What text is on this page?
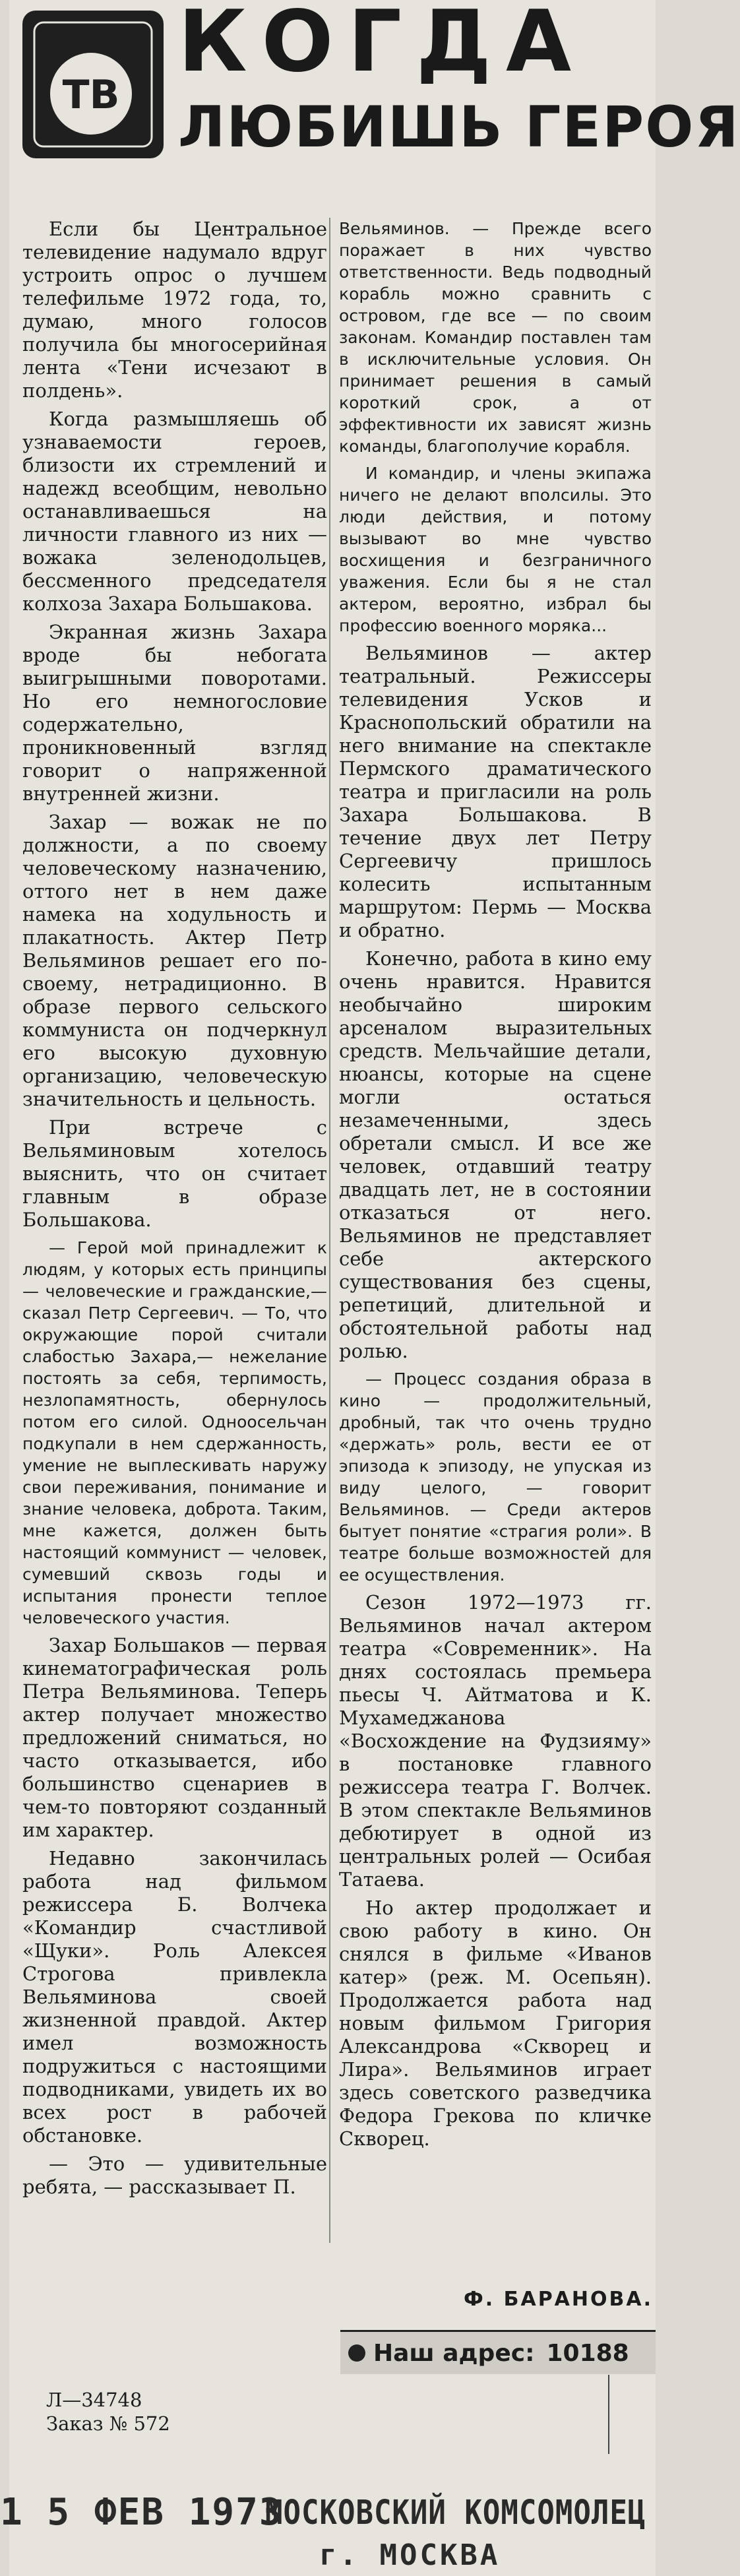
ТВ
КОГДА
ЛЮБИШЬ ГЕРОЯ

Если бы Центральное телевидение надумало вдруг устроить опрос о лучшем телефильме 1972 года, то, думаю, много голосов получила бы многосерийная лента «Тени исчезают в полдень».

Когда размышляешь об узнаваемости героев, близости их стремлений и надежд всеобщим, невольно останавливаешься на личности главного из них — вожака зеленодольцев, бессменного председателя колхоза Захара Большакова.

Экранная жизнь Захара вроде бы небогата выигрышными поворотами. Но его немногословие содержательно, проникновенный взгляд говорит о напряженной внутренней жизни.

Захар — вожак не по должности, а по своему человеческому назначению, оттого нет в нем даже намека на ходульность и плакатность. Актер Петр Вельяминов решает его по-своему, нетрадиционно. В образе первого сельского коммуниста он подчеркнул его высокую духовную организацию, человеческую значительность и цельность.

При встрече с Вельяминовым хотелось выяснить, что он считает главным в образе Большакова.

— Герой мой принадлежит к людям, у которых есть принципы — человеческие и гражданские,—сказал Петр Сергеевич. — То, что окружающие порой считали слабостью Захара,— нежелание постоять за себя, терпимость, незлопамятность, обернулось потом его силой. Одноосельчан подкупали в нем сдержанность, умение не выплескивать наружу свои переживания, понимание и знание человека, доброта. Таким, мне кажется, должен быть настоящий коммунист — человек, сумевший сквозь годы и испытания пронести теплое человеческого участия.

Захар Большаков — первая кинематографическая роль Петра Вельяминова. Теперь актер получает множество предложений сниматься, но часто отказывается, ибо большинство сценариев в чем-то повторяют созданный им характер.

Недавно закончилась работа над фильмом режиссера Б. Волчека «Командир счастливой «Щуки». Роль Алексея Строгова привлекла Вельяминова своей жизненной правдой. Актер имел возможность подружиться с настоящими подводниками, увидеть их во всех рост в рабочей обстановке.

— Это — удивительные ребята, — рассказывает П.

Вельяминов. — Прежде всего поражает в них чувство ответственности. Ведь подводный корабль можно сравнить с островом, где все — по своим законам. Командир поставлен там в исключительные условия. Он принимает решения в самый короткий срок, а от эффективности их зависят жизнь команды, благополучие корабля.

И командир, и члены экипажа ничего не делают вполсилы. Это люди действия, и потому вызывают во мне чувство восхищения и безграничного уважения. Если бы я не стал актером, вероятно, избрал бы профессию военного моряка...

Вельяминов — актер театральный. Режиссеры телевидения Усков и Краснопольский обратили на него внимание на спектакле Пермского драматического театра и пригласили на роль Захара Большакова. В течение двух лет Петру Сергеевичу пришлось колесить испытанным маршрутом: Пермь — Москва и обратно.

Конечно, работа в кино ему очень нравится. Нравится необычайно широким арсеналом выразительных средств. Мельчайшие детали, нюансы, которые на сцене могли остаться незамеченными, здесь обретали смысл. И все же человек, отдавший театру двадцать лет, не в состоянии отказаться от него. Вельяминов не представляет себе актерского существования без сцены, репетиций, длительной и обстоятельной работы над ролью.

— Процесс создания образа в кино — продолжительный, дробный, так что очень трудно «держать» роль, вести ее от эпизода к эпизоду, не упуская из виду целого, — говорит Вельяминов. — Среди актеров бытует понятие «страгия роли». В театре больше возможностей для ее осуществления.

Сезон 1972—1973 гг. Вельяминов начал актером театра «Современник». На днях состоялась премьера пьесы Ч. Айтматова и К. Мухамеджанова «Восхождение на Фудзияму» в постановке главного режиссера театра Г. Волчек. В этом спектакле Вельяминов дебютирует в одной из центральных ролей — Осибая Татаева.

Но актер продолжает и свою работу в кино. Он снялся в фильме «Иванов катер» (реж. М. Осепьян). Продолжается работа над новым фильмом Григория Александрова «Скворец и Лира». Вельяминов играет здесь советского разведчика Федора Грекова по кличке Скворец.

Ф. БАРАНОВА.
Наш адрес: 10188
Л—34748
Заказ № 572
1 5 ФЕВ 1973
МОСКОВСКИЙ КОМСОМОЛЕЦ
г. МОСКВА
